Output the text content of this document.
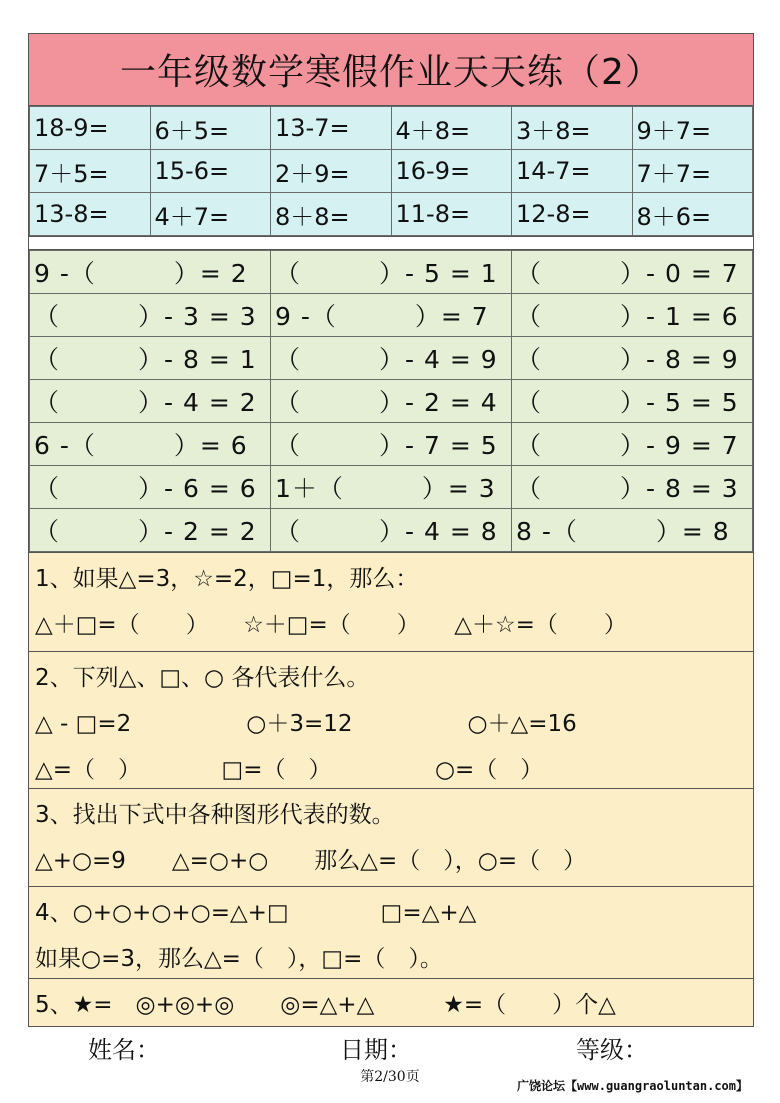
一年级数学寒假作业天天练（2）
18-9=	6＋5=	13-7=	4＋8=	3＋8=	9＋7=
7＋5=	15-6=	2＋9=	16-9=	14-7=	7＋7=
13-8=	4＋7=	8＋8=	11-8=	12-8=	8＋6=
9 -（　　　）= 2	（　　　）- 5 = 1	（　　　）- 0 = 7
（　　　）- 3 = 3	9 -（　　　）= 7	（　　　）- 1 = 6
（　　　）- 8 = 1	（　　　）- 4 = 9	（　　　）- 8 = 9
（　　　）- 4 = 2	（　　　）- 2 = 4	（　　　）- 5 = 5
6 -（　　　）= 6	（　　　）- 7 = 5	（　　　）- 9 = 7
（　　　）- 6 = 6	1＋（　　　）= 3	（　　　）- 8 = 3
（　　　）- 2 = 2	（　　　）- 4 = 8	8 -（　　　）= 8
1、如果△=3，☆=2，□=1，那么：
△＋□=（　　）　　☆＋□=（　　）　　△＋☆=（　　）
2、下列△、□、○ 各代表什么。
△ - □=2　　　　　○＋3=12　　　　　○＋△=16
△=（　）　　　　□=（　）　　　　　○=（　）
3、找出下式中各种图形代表的数。
△+○=9　　△=○+○　　那么△=（　），○=（　）
4、○+○+○+○=△+□　　　　□=△+△
如果○=3，那么△=（　），□=（　）。
5、★=　◎+◎+◎　　◎=△+△　　　★=（　　）个△
姓名：	日期：	等级：
第2/30页
广饶论坛【www.guangraoluntan.com】
